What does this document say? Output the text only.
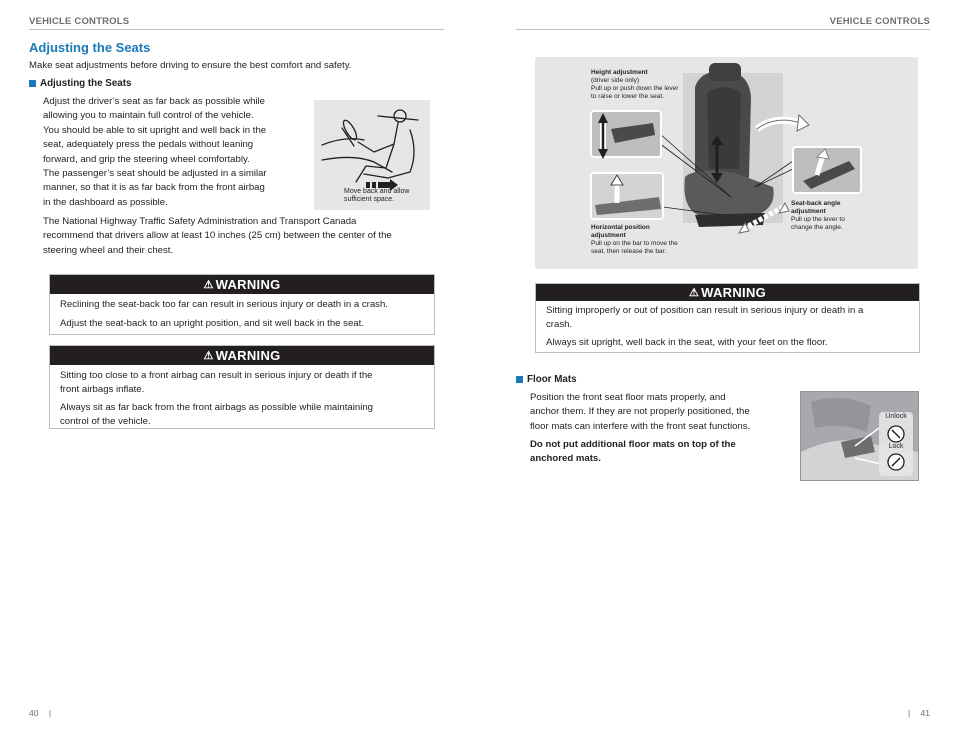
VEHICLE CONTROLS
Adjusting the Seats
Make seat adjustments before driving to ensure the best comfort and safety.
Adjusting the Seats
Adjust the driver’s seat as far back as possible while
allowing you to maintain full control of the vehicle.
You should be able to sit upright and well back in the
seat, adequately press the pedals without leaning
forward, and grip the steering wheel comfortably.
The passenger’s seat should be adjusted in a similar
manner, so that it is as far back from the front airbag
in the dashboard as possible.
Move back and allow
sufficient space.
The National Highway Traffic Safety Administration and Transport Canada
recommend that drivers allow at least 10 inches (25 cm) between the center of the
steering wheel and their chest.
⚠ WARNING

Reclining the seat-back too far can result in serious injury or death in a crash.

Adjust the seat-back to an upright position, and sit well back in the seat.

⚠ WARNING

Sitting too close to a front airbag can result in serious injury or death if the
front airbags inflate.

Always sit as far back from the front airbags as possible while maintaining
control of the vehicle.

40 |
VEHICLE CONTROLS
Height adjustment
(driver side only)
Pull up or push down the lever
to raise or lower the seat.
Horizontal position
adjustment
Pull up on the bar to move the
seat, then release the bar.
Seat-back angle
adjustment
Pull up the lever to
change the angle.
⚠ WARNING

Sitting improperly or out of position can result in serious injury or death in a
crash.

Always sit upright, well back in the seat, with your feet on the floor.

Floor Mats
Position the front seat floor mats properly, and
anchor them. If they are not properly positioned, the
floor mats can interfere with the front seat functions.
Do not put additional floor mats on top of the
anchored mats.
Unlock
Lock
| 41
